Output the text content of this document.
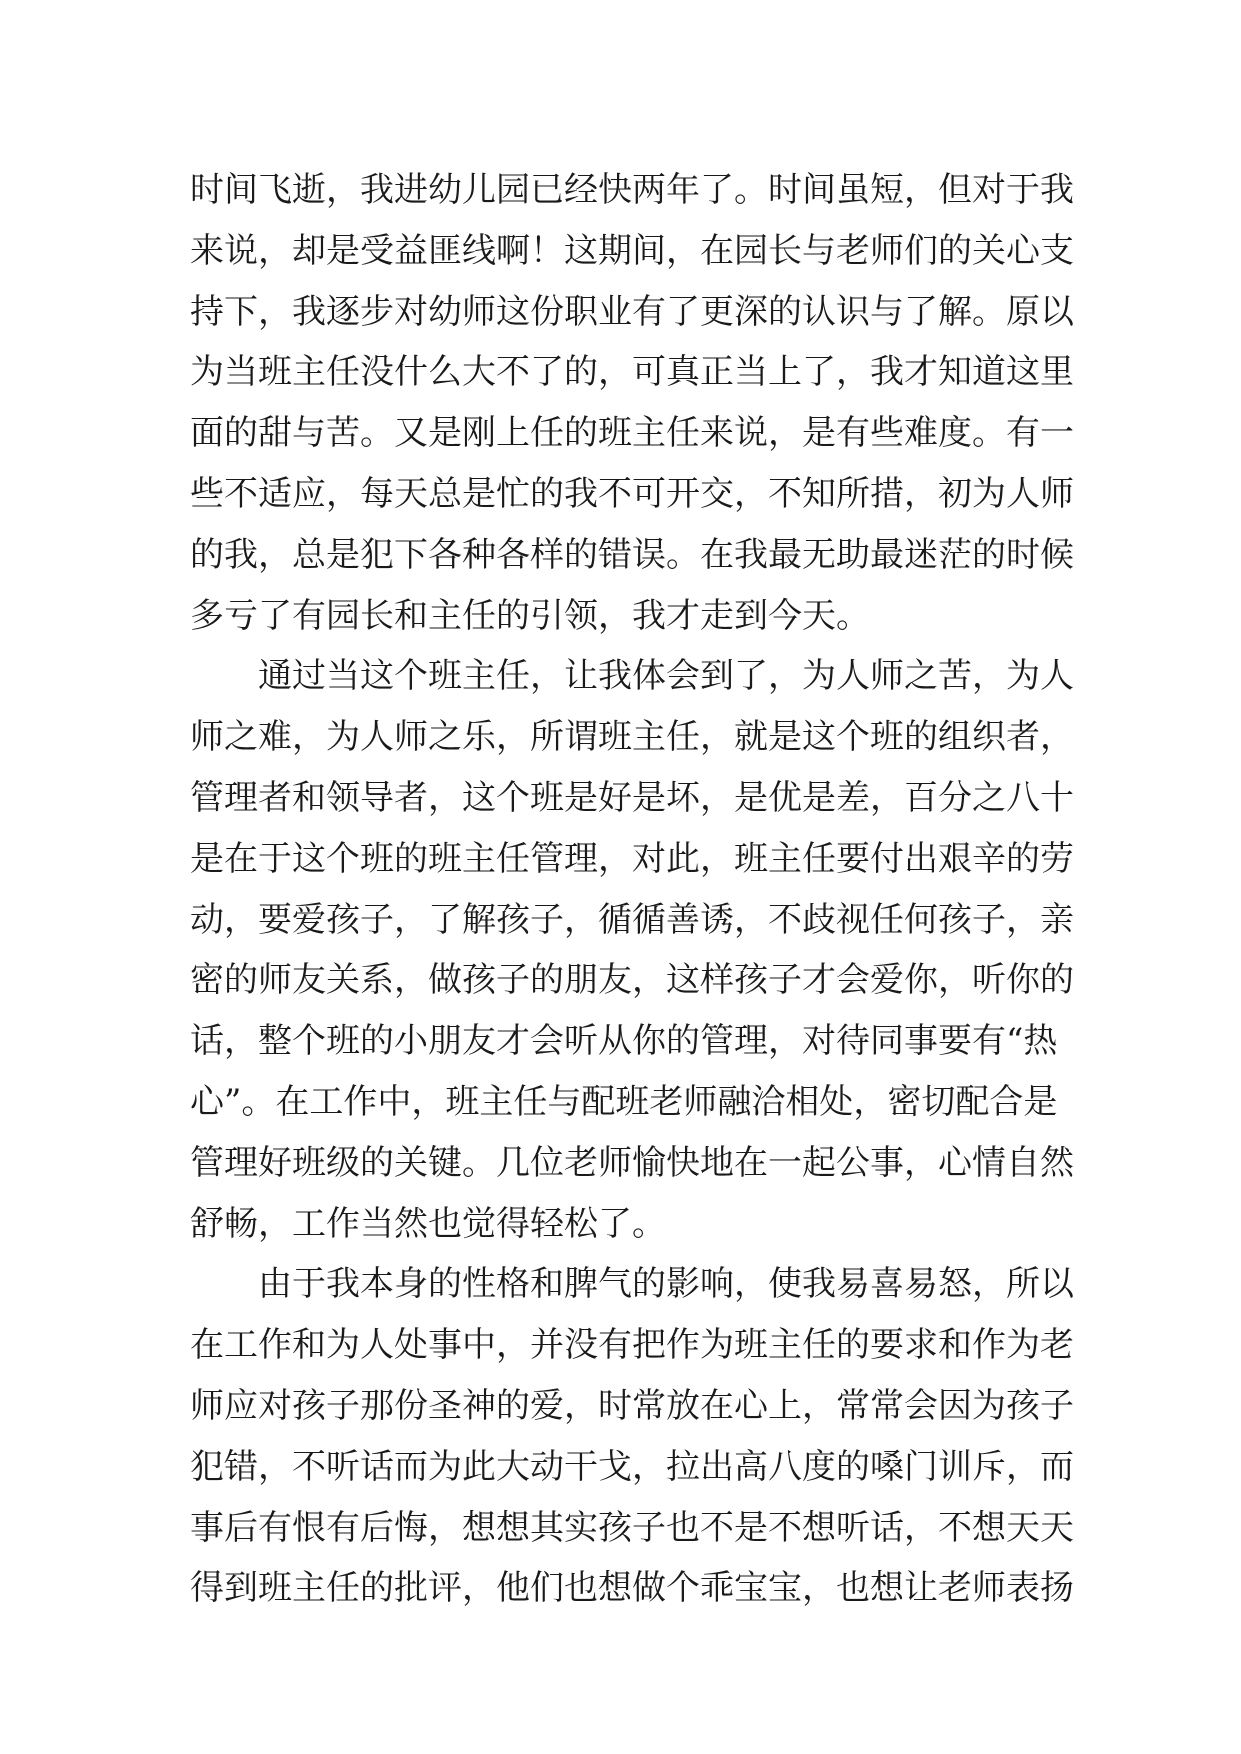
时间飞逝，我进幼儿园已经快两年了。时间虽短，但对于我
来说，却是受益匪线啊！这期间，在园长与老师们的关心支
持下，我逐步对幼师这份职业有了更深的认识与了解。原以
为当班主任没什么大不了的，可真正当上了，我才知道这里
面的甜与苦。又是刚上任的班主任来说，是有些难度。有一
些不适应，每天总是忙的我不可开交，不知所措，初为人师
的我，总是犯下各种各样的错误。在我最无助最迷茫的时候
多亏了有园长和主任的引领，我才走到今天。
通过当这个班主任，让我体会到了，为人师之苦，为人
师之难，为人师之乐，所谓班主任，就是这个班的组织者，
管理者和领导者，这个班是好是坏，是优是差，百分之八十
是在于这个班的班主任管理，对此，班主任要付出艰辛的劳
动，要爱孩子，了解孩子，循循善诱，不歧视任何孩子，亲
密的师友关系，做孩子的朋友，这样孩子才会爱你，听你的
话，整个班的小朋友才会听从你的管理，对待同事要有“热
心”。在工作中，班主任与配班老师融洽相处，密切配合是
管理好班级的关键。几位老师愉快地在一起公事，心情自然
舒畅，工作当然也觉得轻松了。
由于我本身的性格和脾气的影响，使我易喜易怒，所以
在工作和为人处事中，并没有把作为班主任的要求和作为老
师应对孩子那份圣神的爱，时常放在心上，常常会因为孩子
犯错，不听话而为此大动干戈，拉出高八度的嗓门训斥，而
事后有恨有后悔，想想其实孩子也不是不想听话，不想天天
得到班主任的批评，他们也想做个乖宝宝，也想让老师表扬
